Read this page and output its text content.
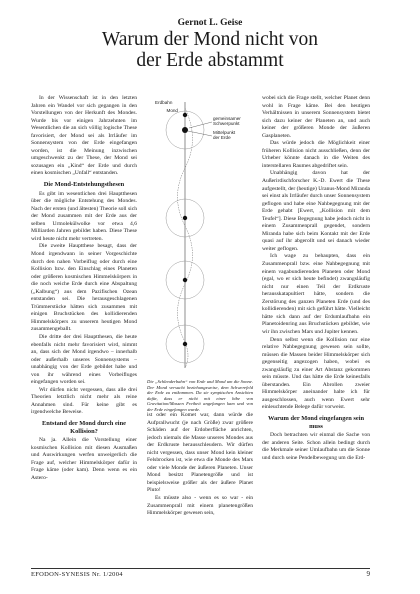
Gernot L. Geise
Warum der Mond nicht von
der Erde abstammt

In der Wissenschaft ist in den letzten Jahren ein Wandel vor sich gegangen in den Vorstellungen von der Herkunft des Mondes. Wurde bis vor einigen Jahrzehnten im Wesentlichen die an sich völlig logische These favorisiert, der Mond sei als Irrläufer im Sonnensystem von der Erde eingefangen worden, ist die Meinung inzwischen umgeschwenkt zu der These, der Mond sei sozusagen ein „Kind“ der Erde und durch einen kosmischen „Unfall“ entstanden.

Die Mond-Entstehungsthesen

Es gibt im wesentlichen drei Hauptthesen über die mögliche Entstehung des Mondes. Nach der ersten (und ältesten) Theorie soll sich der Mond zusammen mit der Erde aus der selben Urmolekülwolke vor etwa 4,6 Milliarden Jahren gebildet haben. Diese These wird heute nicht mehr vertreten.

Die zweite Hauptthese besagt, dass der Mond irgendwann in seiner Vorgeschichte durch den nahen Vorbeiflug oder durch eine Kollision bzw. den Einschlag eines Planeten oder größeren kosmischen Himmelskörpers in die noch weiche Erde durch eine Abspaltung („Kalbung“) aus dem Pazifischen Ozean entstanden sei. Die herausgeschlagenen Trümmerstücke hätten sich zusammen mit einigen Bruchstücken des kollidierenden Himmelskörpers zu unserem heutigen Mond zusammengeballt.

Die dritte der drei Hauptthesen, die heute ebenfalls nicht mehr favorisiert wird, nimmt an, dass sich der Mond irgendwo – innerhalb oder außerhalb unseres Sonnensystems – unabhängig von der Erde gebildet habe und von ihr während eines Vorbeifluges eingefangen worden sei.

Wir dürfen nicht vergessen, dass alle drei Theorien letztlich nicht mehr als reine Annahmen sind. Für keine gibt es irgendwelche Beweise.

Entstand der Mond durch eine Kollision?

Na ja. Allein die Vorstellung einer kosmischen Kollision mit diesen Ausmaßen und Auswirkungen werfen unweigerlich die Frage auf, welcher Himmelskörper dafür in Frage käme (oder kam). Denn wenn es ein Astero-

Erdbahn
Mond
gemeinsamer
Schwerpunkt
Mittelpunkt
der Erde
Die „Schlenderbahn“ von Erde und Mond um die Sonne. Der Mond versucht beziehungsweise, dem Schwerefeld der Erde zu entkommen. Da sie symptischen Ansichten dafür, dass er nicht mit einer bibe von Gravitation/Massen Freiheit angefangen kam und von der Erde eingefangen wurde.

ist oder ein Komet war, dann würde die Aufprallwucht (je nach Größe) zwar größere Schäden auf der Erdoberfläche anrichten, jedoch niemals die Masse unseres Mondes aus der Erdkruste herausschleudern. Wir dürfen nicht vergessen, dass unser Mond kein kleiner Felsbrocken ist, wie etwa die Monde des Mars oder viele Monde der äußeren Planeten. Unser Mond besitzt Planetengröße und ist beispielsweise größer als der äußere Planet Pluto!

Es müsste also - wenn es so war - ein Zusammenprall mit einem planetengrößen Himmelskörper gewesen sein,

wobei sich die Frage stellt, welcher Planet denn wohl in Frage käme. Bei den heutigen Verhältnissen in unserem Sonnensystem bietet sich dazu keiner der Planeten an, und auch keiner der größeren Monde der äußeren Gasplaneten.

Das würde jedoch die Möglichkeit einer früheren Kollision nicht ausschließen, denn der Urheber könnte danach in die Weiten des interstellaren Raumes abgedriftet sein.

Unabhängig davon hat der Außerirdischforscher K.-D. Ewert die These aufgestellt, der (heutige) Uranus-Mond Miranda sei einst als Irrläufer durch unser Sonnensystem geflogen und habe eine Nahbegegnung mit der Erde gehabt [Ewert, „Kollision mit dem Teufel“]. Diese Begegnung habe jedoch nicht in einem Zusammenprall gegendet, sondern Miranda habe sich beim Kontakt mit der Erde quasi auf ihr abgerollt und sei danach wieder weiter geflogen.

Ich wage zu behaupten, dass ein Zusammenprall bzw. eine Nahbegegnung mit einem vagabundierenden Planeten oder Mond (egal, wo er sich heute befindet) zwangsläufig nicht nur einen Teil der Erdkruste herausskatapultiert hätte, sondern die Zerstörung des ganzen Planeten Erde (und des kollidierenden) mit sich geführt hätte. Vielleicht hätte sich dann auf der Erdumlaufbahn ein Planetoidenring aus Bruchstücken gebildet, wie wir ihn zwischen Mars und Jupiter kennen.

Denn selbst wenn die Kollision nur eine relative Nahbegegnung gewesen sein sollte, müssen die Massen beider Himmelskörper sich gegenseitig angezogen haben, wobei es zwangsläufig zu einer Art Abstanz gekommen sein müsste. Und das hätte die Erde keinesfalls überstanden. Ein Abrollen zweier Himmelskörper aneinander halte ich für ausgeschlossen, auch wenn Ewert sehr einleuchtende Belege dafür vorweist.

Warum der Mond eingefangen sein muss

Doch betrachten wir einmal die Sache von der anderen Seite. Schon allein bedingt durch die Merkmale seiner Umlaufbahn um die Sonne und durch seine Pendelbewegung um die Erd-

EFODON-SYNESIS Nr. 1/2004	9
